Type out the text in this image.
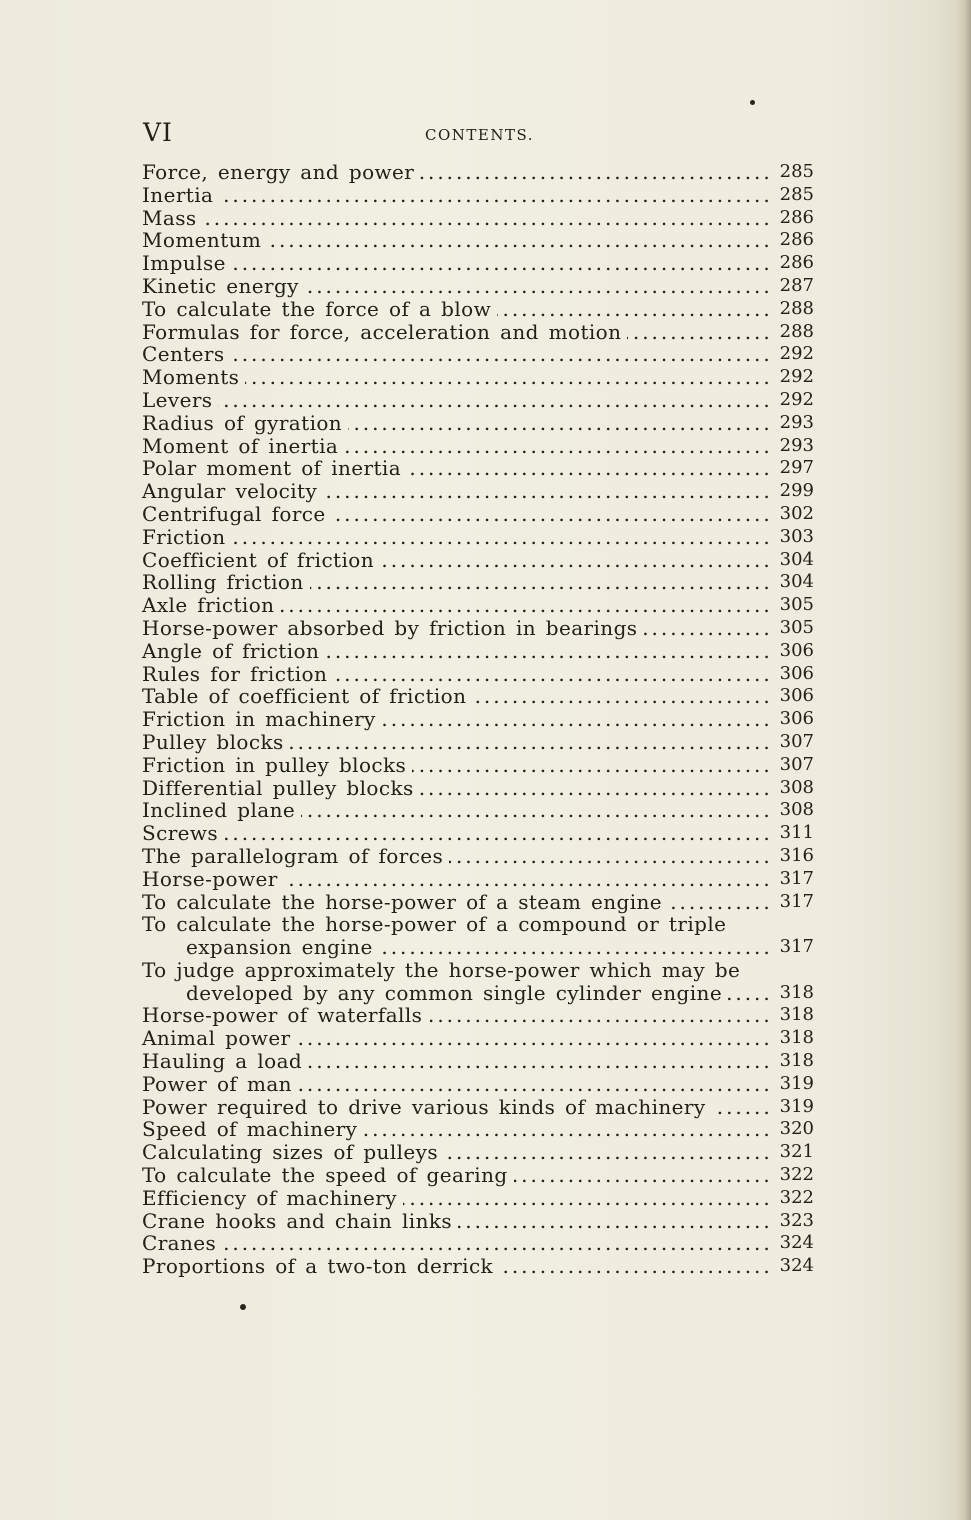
VI	CONTENTS.
Force, energy and power . . .	285
Inertia . . .	285
Mass . . .	286
Momentum . . .	286
Impulse . . .	286
Kinetic energy . . .	287
To calculate the force of a blow . . .	288
Formulas for force, acceleration and motion . . .	288
Centers . . .	292
Moments . . .	292
Levers . . .	292
Radius of gyration . . .	293
Moment of inertia . . .	293
Polar moment of inertia . . .	297
Angular velocity . . .	299
Centrifugal force . . .	302
Friction . . .	303
Coefficient of friction . . .	304
Rolling friction . . .	304
Axle friction . . .	305
Horse-power absorbed by friction in bearings . . .	305
Angle of friction . . .	306
Rules for friction . . .	306
Table of coefficient of friction . . .	306
Friction in machinery . . .	306
Pulley blocks . . .	307
Friction in pulley blocks . . .	307
Differential pulley blocks . . .	308
Inclined plane . . .	308
Screws . . .	311
The parallelogram of forces . . .	316
Horse-power . . .	317
To calculate the horse-power of a steam engine . . .	317
To calculate the horse-power of a compound or triple
expansion engine . . .	317
To judge approximately the horse-power which may be
developed by any common single cylinder engine . . .	318
Horse-power of waterfalls . . .	318
Animal power . . .	318
Hauling a load . . .	318
Power of man . . .	319
Power required to drive various kinds of machinery . . .	319
Speed of machinery . . .	320
Calculating sizes of pulleys . . .	321
To calculate the speed of gearing . . .	322
Efficiency of machinery . . .	322
Crane hooks and chain links . . .	323
Cranes . . .	324
Proportions of a two-ton derrick . . .	324
